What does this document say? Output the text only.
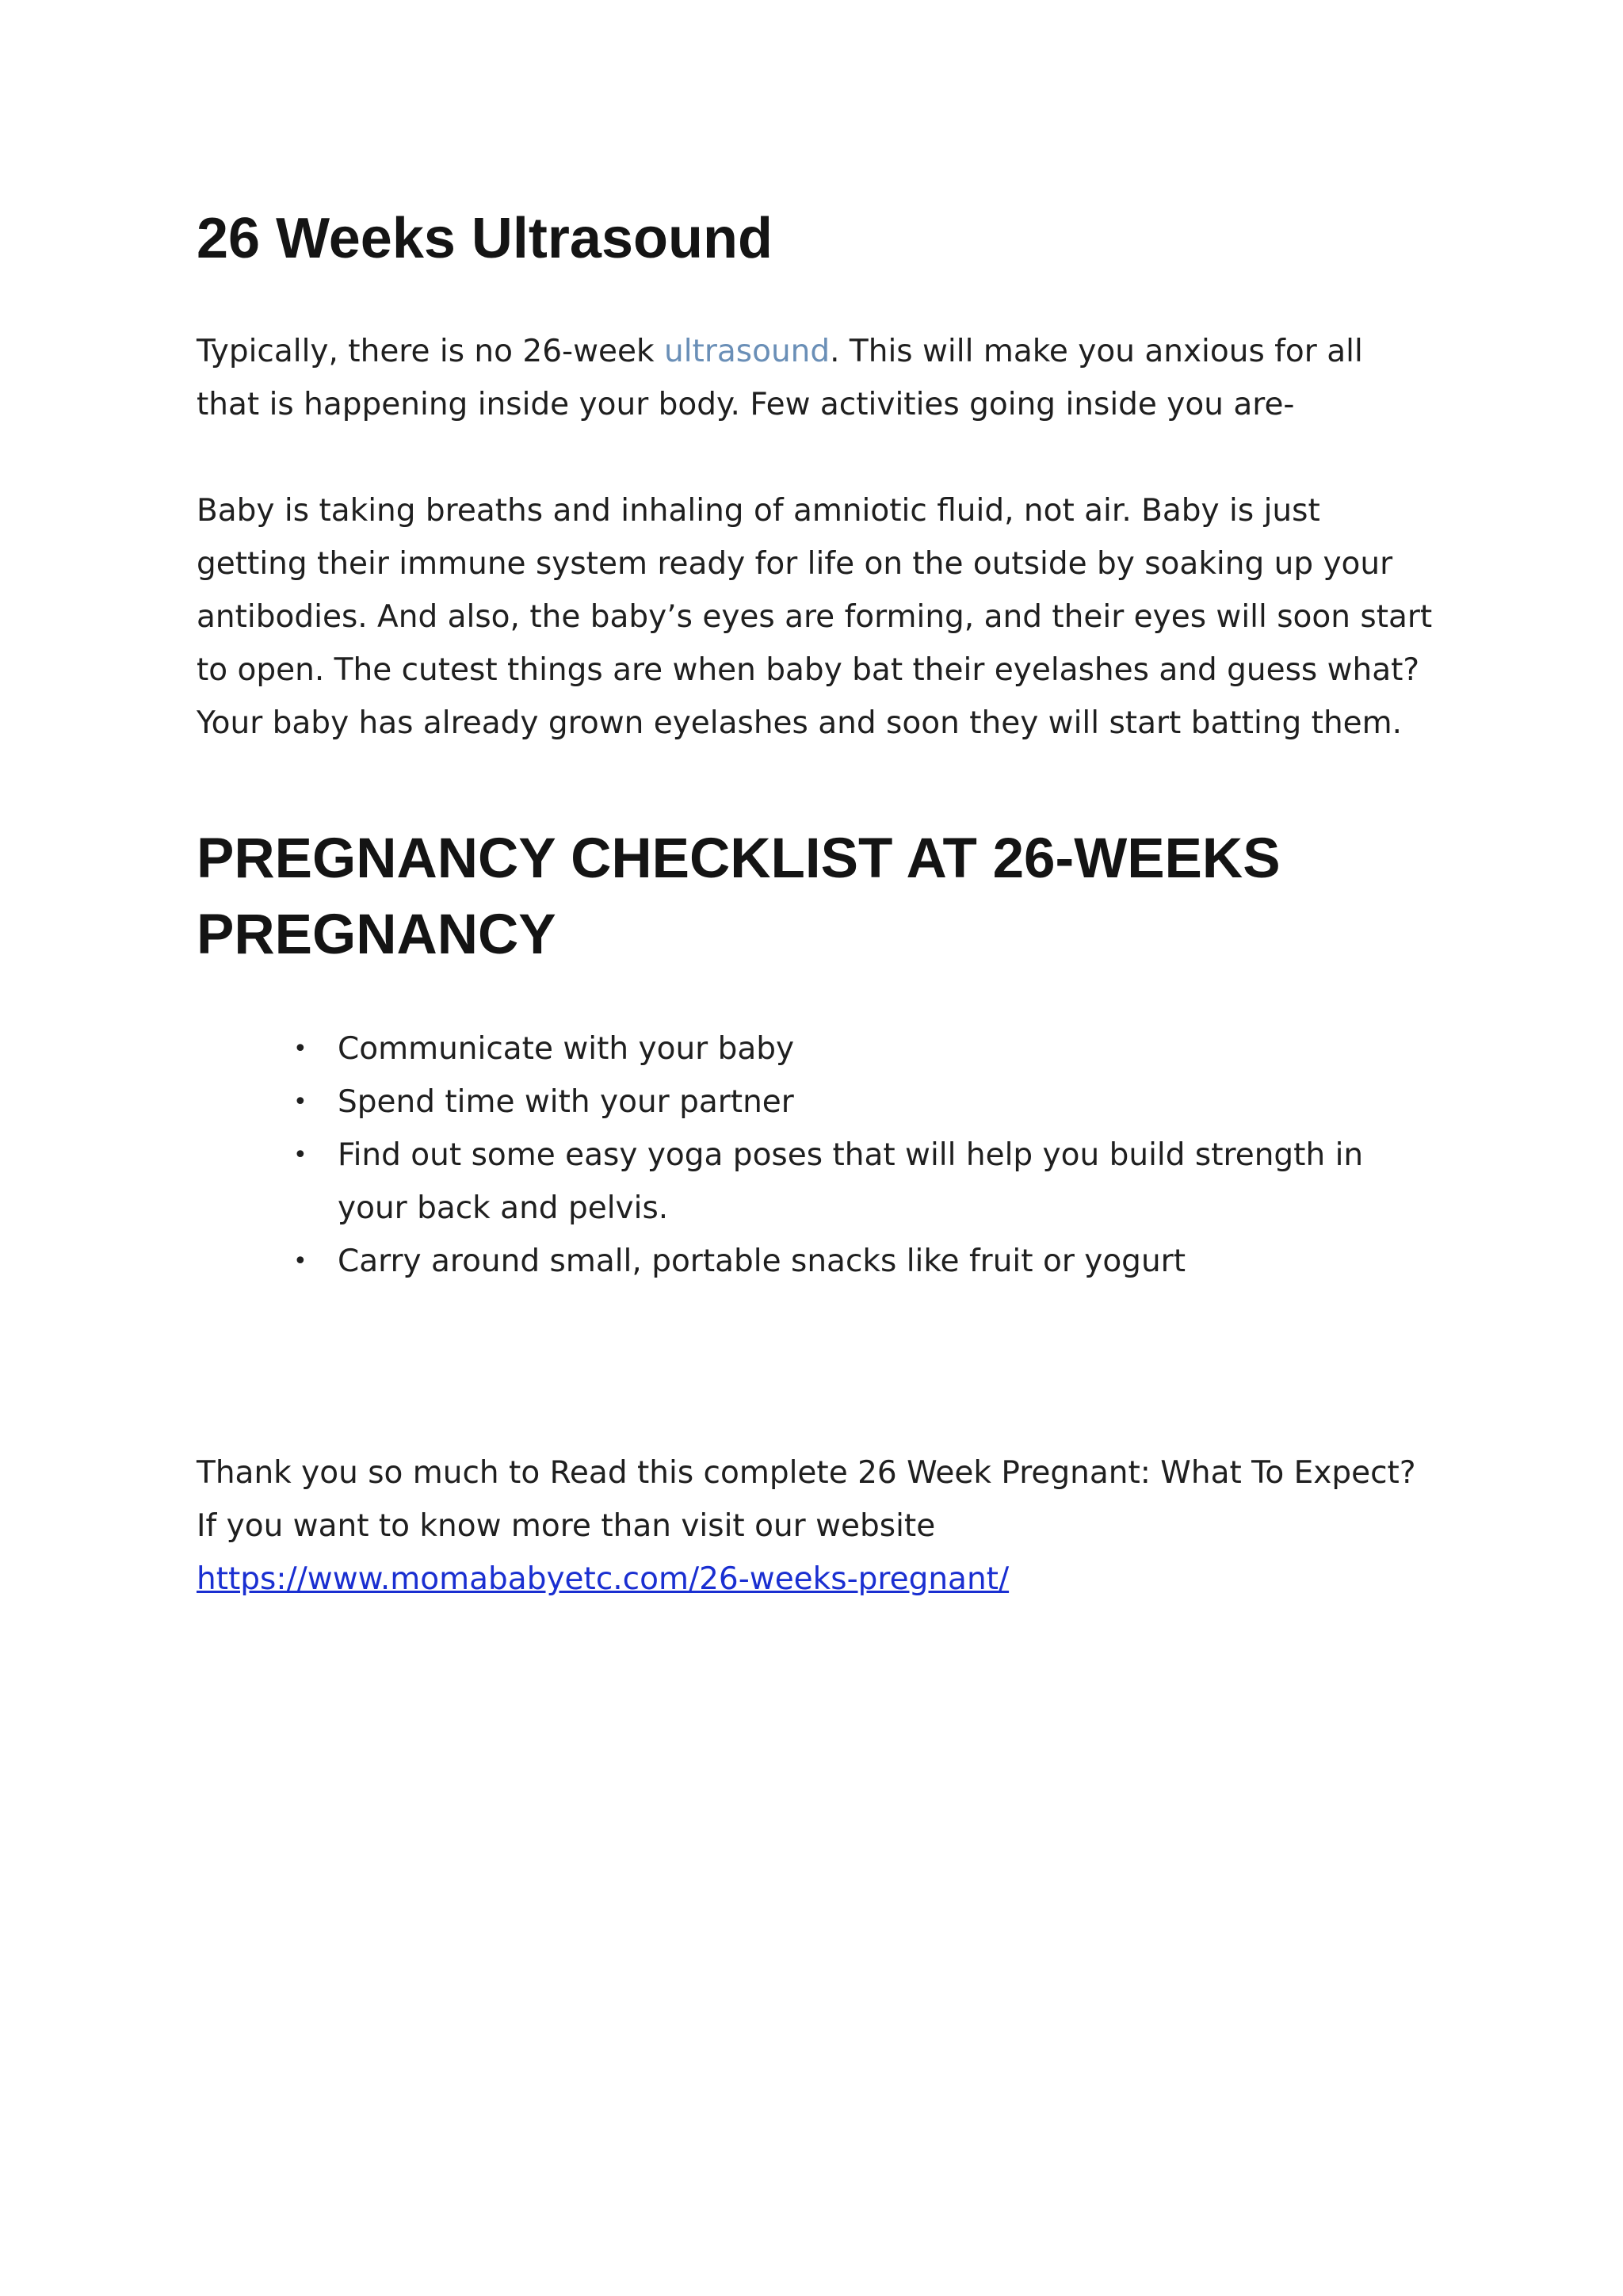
26 Weeks Ultrasound

Typically, there is no 26-week ultrasound. This will make you anxious for all that is happening inside your body. Few activities going inside you are-

Baby is taking breaths and inhaling of amniotic fluid, not air. Baby is just getting their immune system ready for life on the outside by soaking up your antibodies. And also, the baby’s eyes are forming, and their eyes will soon start to open. The cutest things are when baby bat their eyelashes and guess what? Your baby has already grown eyelashes and soon they will start batting them.

PREGNANCY CHECKLIST AT 26-WEEKS PREGNANCY
• Communicate with your baby
• Spend time with your partner
• Find out some easy yoga poses that will help you build strength in your back and pelvis.
• Carry around small, portable snacks like fruit or yogurt

Thank you so much to Read this complete 26 Week Pregnant: What To Expect? If you want to know more than visit our website
https://www.momababyetc.com/26-weeks-pregnant/
